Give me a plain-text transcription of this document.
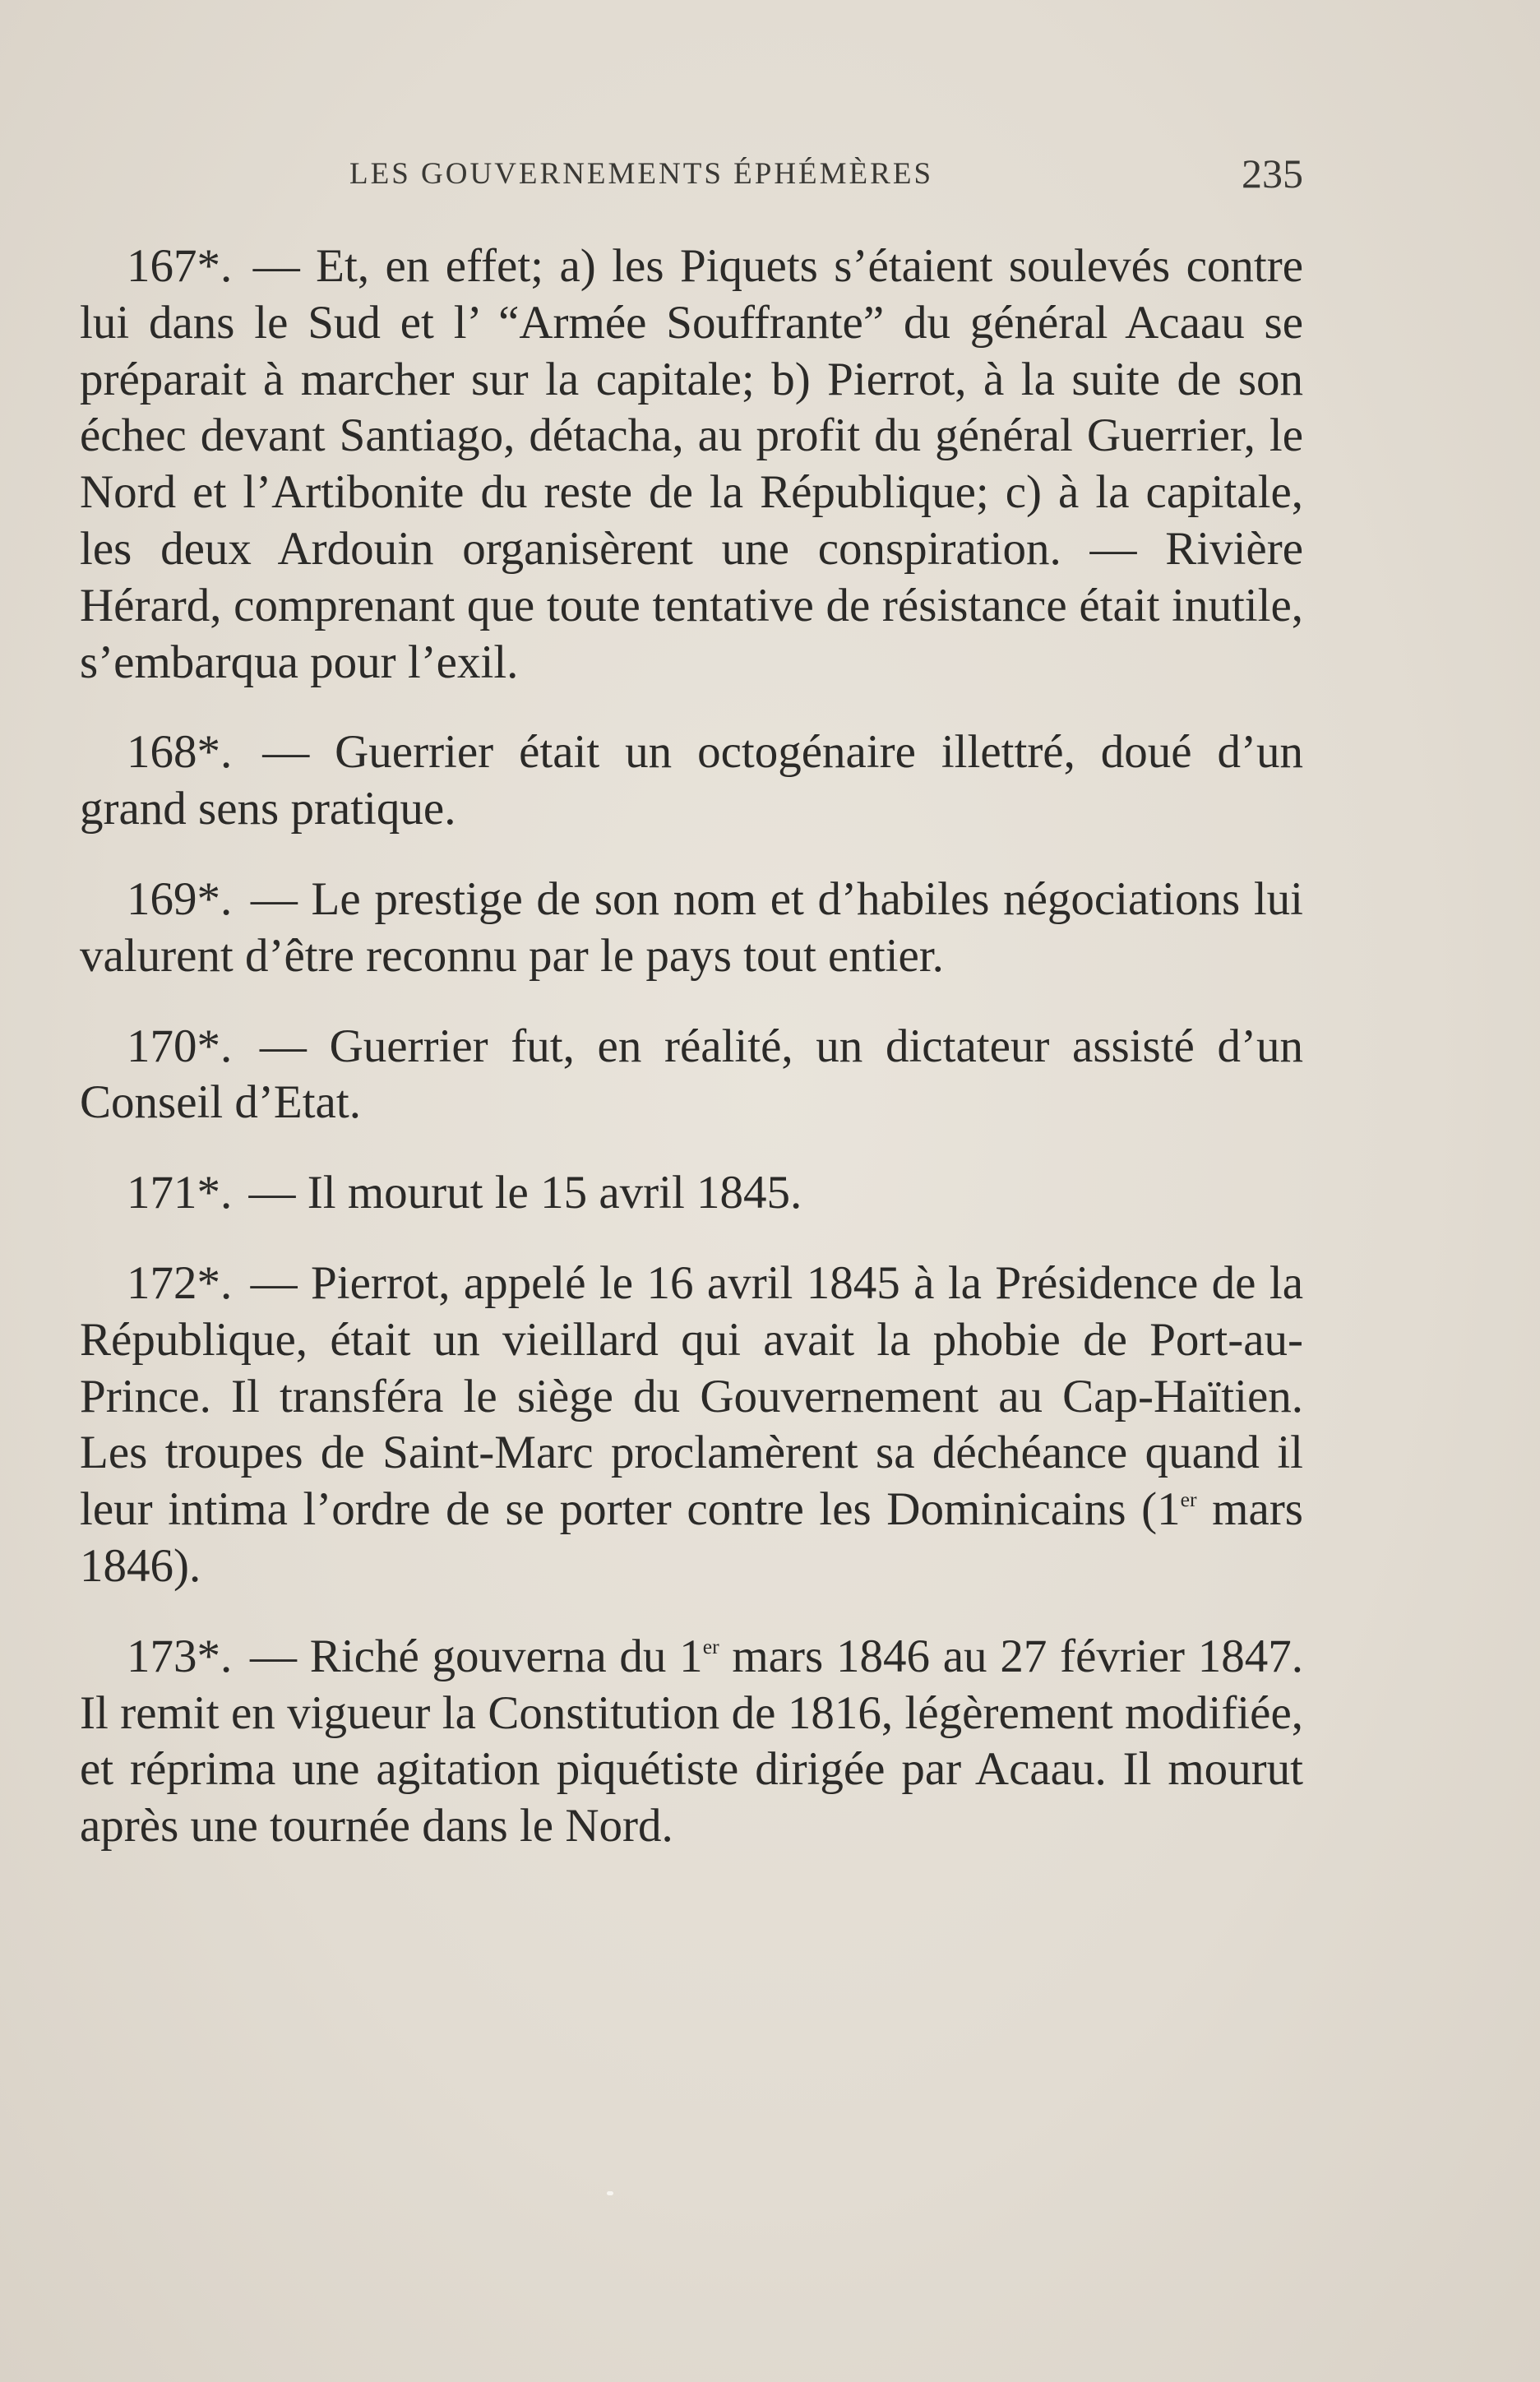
LES GOUVERNEMENTS ÉPHÉMÈRES	235

167*. — Et, en effet; a) les Piquets s’étaient soulevés contre lui dans le Sud et l’ “Armée Souffrante” du général Acaau se préparait à marcher sur la capitale; b) Pierrot, à la suite de son échec devant Santiago, détacha, au profit du général Guerrier, le Nord et l’Artibonite du reste de la République; c) à la capitale, les deux Ardouin organisèrent une conspiration. — Rivière Hérard, comprenant que toute tentative de résistance était inutile, s’embarqua pour l’exil.

168*. — Guerrier était un octogénaire illettré, doué d’un grand sens pratique.

169*. — Le prestige de son nom et d’habiles négociations lui valurent d’être reconnu par le pays tout entier.

170*. — Guerrier fut, en réalité, un dictateur assisté d’un Conseil d’Etat.

171*. — Il mourut le 15 avril 1845.

172*. — Pierrot, appelé le 16 avril 1845 à la Présidence de la République, était un vieillard qui avait la phobie de Port-au-Prince. Il transféra le siège du Gouvernement au Cap-Haïtien. Les troupes de Saint-Marc proclamèrent sa déchéance quand il leur intima l’ordre de se porter contre les Dominicains (1er mars 1846).

173*. — Riché gouverna du 1er mars 1846 au 27 février 1847. Il remit en vigueur la Constitution de 1816, légèrement modifiée, et réprima une agitation piquétiste dirigée par Acaau. Il mourut après une tournée dans le Nord.
